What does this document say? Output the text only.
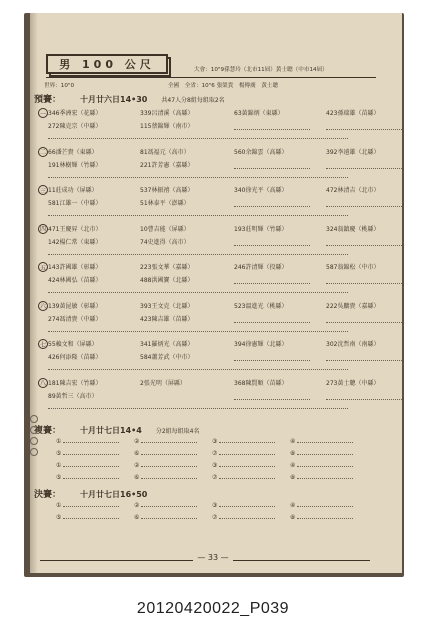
男 100 公尺	大會：10"9孫慧玲（北市11屆）黃士聰（中市14屆）
世界：10"0	全國　全省：10"6 張榮貴　楊傳廣　黃士聰
預賽：	十月廿六日14•30 共47人分8組每組取2名
一 346季洲宏（花縣）	339呂清溪（高縣）	63黃錦炳（東縣）	423孫瑞雄（苗縣）
272陳克宗（中縣）	115蔡錦輝（南市）
二 66潘芒貴（東縣）	81馮福元（高市）	560余錦雲（高縣）	392李遠雄（北縣）
191林樹輝（竹縣）	221許芳憲（嘉縣）
三 11莊成功（屏縣）	537林振禧（高縣）	340徐光平（高縣）	472林清吉（北市）
581江雄一（中縣）	51林泰平（澎縣）
四 471王慶昇（北市）	10曹吉能（屏縣）	193莊明輝（竹縣）	324翁鎮慶（桃縣）
142楊仁常（東縣）	74史進得（高市）
五 143許國雄（彰縣）	223張文華（嘉縣）	246許清輝（投縣）	587翁錦松（中市）
424林國弘（苗縣）	488洪國寶（北縣）
六 139黃昆敏（彰縣）	393王文克（北縣）	523溫進光（桃縣）	222吳鵬貴（嘉縣）
274馮清貴（中縣）	423陳吉雄（苗縣）
七 55賴文和（屏縣）	341羅炳光（高縣）	394徐憲輝（北縣）	302沈哲南（南縣）
426何添隆（苗縣）	584蕭芳武（中市）
八 181陳吉宏（竹縣）	2張光明（屏縣）	368陳賢順（苗縣）	273黃士聰（中縣）
89黃哲三（高市）
複賽：	十月廿七日14•4 分2組每組取4名
①	②	③	④
⑤	⑥	⑦	⑧
①	②	③	④
⑤	⑥	⑦	⑧
決賽：	十月廿七日16•50
①	②	③	④
⑤	⑥	⑦	⑧
— 33 —
20120420022_P039
